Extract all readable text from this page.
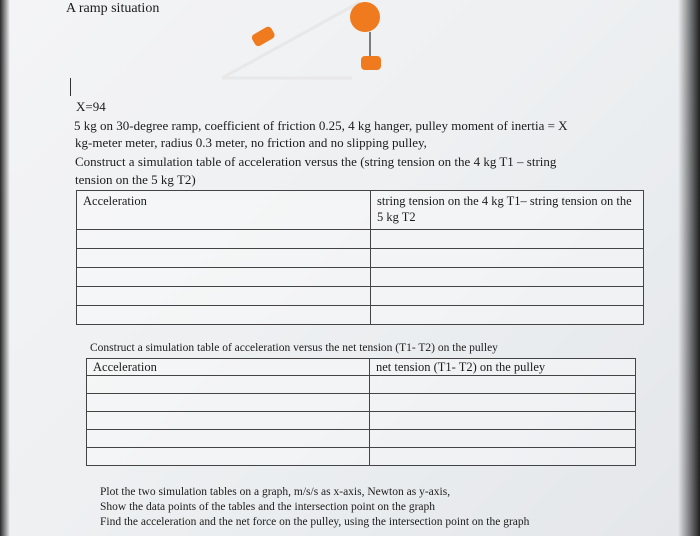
A ramp situation
X=94
5 kg on 30-degree ramp, coefficient of friction 0.25, 4 kg hanger, pulley moment of inertia = X
kg-meter meter, radius 0.3 meter, no friction and no slipping pulley,
Construct a simulation table of acceleration versus the (string tension on the 4 kg T1 – string
tension on the 5 kg T2)
Acceleration	string tension on the 4 kg T1– string tension on the 5 kg T2

Construct a simulation table of acceleration versus the net tension (T1- T2) on the pulley
Acceleration	net tension (T1- T2) on the pulley

Plot the two simulation tables on a graph, m/s/s as x-axis, Newton as y-axis,
Show the data points of the tables and the intersection point on the graph
Find the acceleration and the net force on the pulley, using the intersection point on the graph
